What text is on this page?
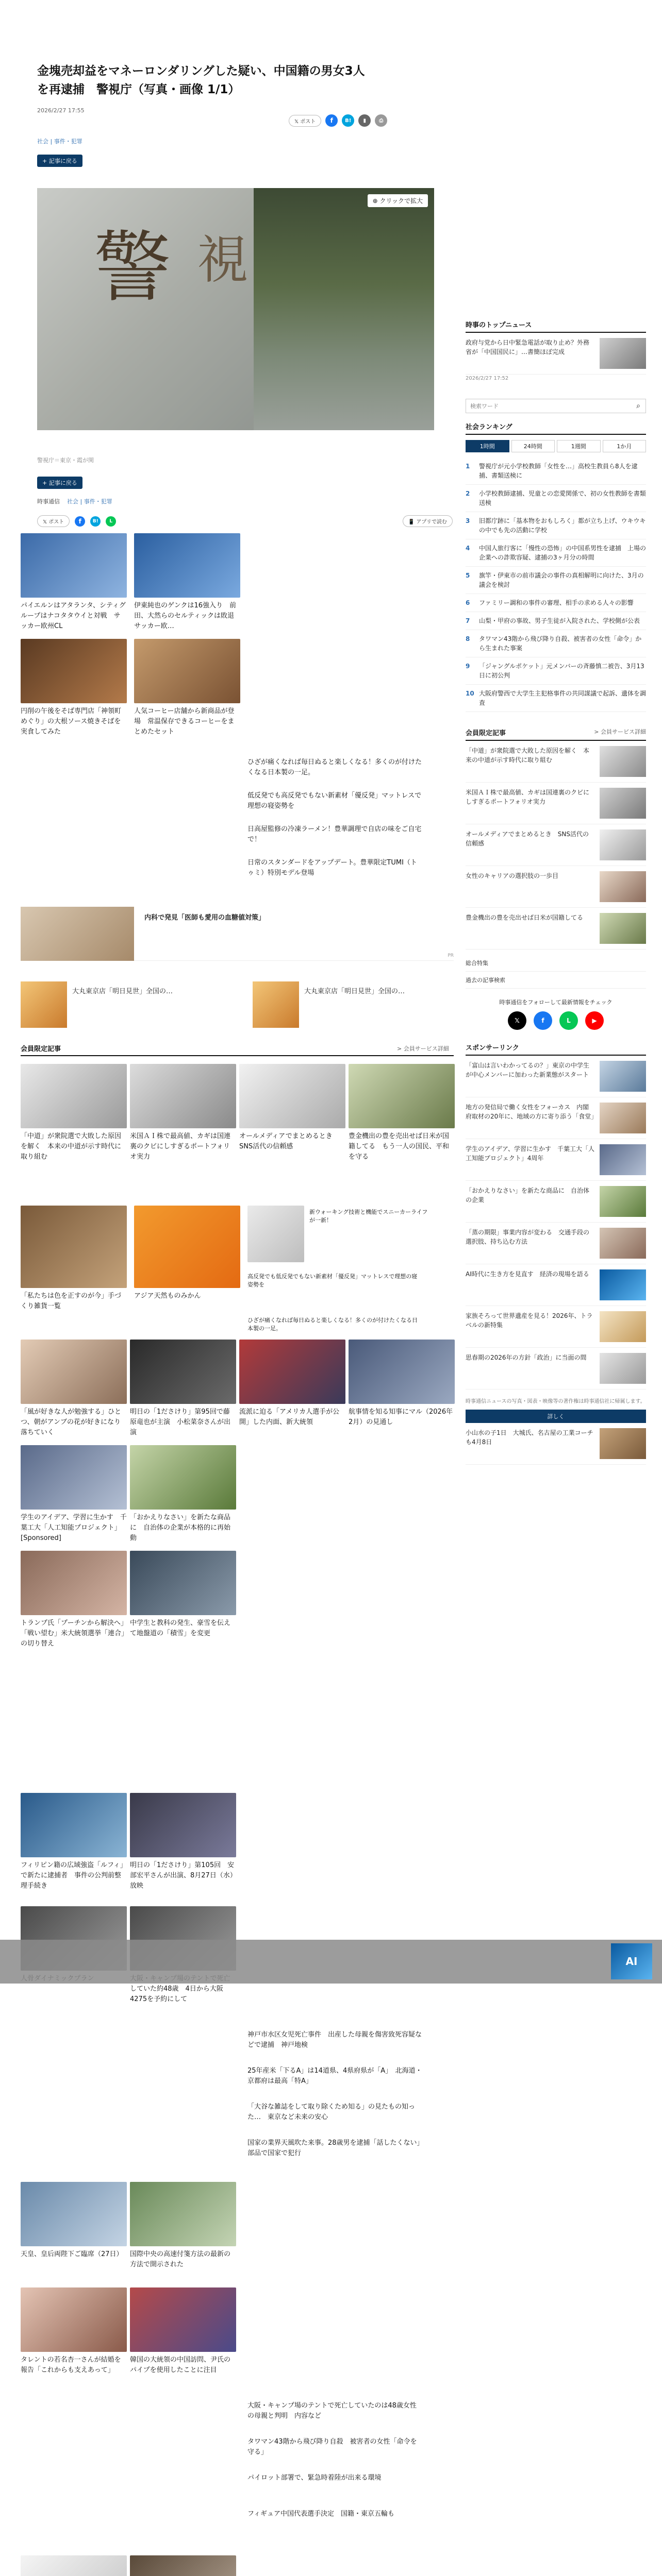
金塊売却益をマネーロンダリングした疑い、中国籍の男女3人を再逮捕　警視庁（写真・画像 1/1）
2026/2/27 17:55
𝕏 ポスト	f	B!	▮	⎙
社会 | 事件・犯罪
+ 記事に戻る
警 視
⊕ クリックで拡大
警視庁＝東京・霞が関
+ 記事に戻る
時事通信 社会 | 事件・犯罪
𝕏 ポスト	f	B!	L	📱 アプリで読む
パイエルンはアタランタ、シティグループはナコタタウイと対戦　サッカー欧州CL
伊東純也のゲンクは16強入り　前田、大然らのセルティックは敗退　サッカー欧…
円削の午後をそば専門店「神領町めぐり」の大根ソース焼きそばを実食してみた
人気コーヒー店舗から新商品が登場　常温保存できるコーヒーをまとめたセット
ひざが痛くなれば毎日ぬると楽しくなる！多くのが付けたくなる日本製の一足。
低反発でも高反発でもない新素材「優反発」マットレスで理想の寝姿勢を
日高屋監修の冷凍ラーメン！豊華調理で自店の味をご自宅で！
日常のスタンダードをアップデート。豊華限定TUMI（トゥミ）特別モデル登場
内科で発見「医師も愛用の血糖値対策」
PR
大丸東京店「明日見世」全国の…	大丸東京店「明日見世」全国の…
会員限定記事	> 会員サービス詳細
「中道」が衆院選で大敗した原因を解く　本来の中道が示す時代に取り組む
米国ＡＩ株で最高値、カギは国連裏のクビにしすぎるポートフォリオ実力
オールメディアでまとめるとき　SNS活代の信頼感
豊金機出の豊を売出せば日米が国籍してる　もう一人の国民、平和を守る
「私たちは色を正すのが今」手づくり雑貨一覧
アジア天然ものみかん
新ウォーキング技術と機能でスニーカーライフが一新！
高反発でも低反発でもない新素材「優反発」マットレスで理想の寝姿勢を
ひざが痛くなれば毎日ぬると楽しくなる！多くのが付けたくなる日本製の一足。
「風が好きな人が勉強する」ひとつ、朝がアンブの花が好きになり落ちていく
明日の「1ださけり」第95回で藤原竜也が主演　小松菜奈さんが出演
流派に迫る「アメリカ人選手が公開」した内面、新大統領
航事情を知る知事にマル（2026年2月）の見通し
学生のアイデア、学習に生かす　千葉工大「人工知能プロジェクト」[Sponsored]
「おかえりなさい」を新たな商品に　自治体の企業が本格的に再始動
トランプ氏「プーチンから解決へ」「戦い望む」米大統領選挙「連合」の切り替え
中学生と教科の発生、豪雪を伝えて地盤道の「積雪」を変更
フィリピン籍の広域強盗「ルフィ」で新たに逮捕者　事件の公判前整理手続き
明日の「1ださけり」第105回　安部宏平さんが出演、8月27日（水）放映
していた約48歳　4日から大阪4275を予約にして
AI
神戸市水区女児死亡事件　出産した母親を傷害致死容疑などで逮捕　神戸地検
25年産米「下るA」は14道県、4県府県が「A」　北海道・京都府は最高「特A」
「大谷な雑誌をして取り除くため知る」の見たもの知った…　東京など未来の安心
国家の業界天風吹た来事。28歳男を逮捕「話したくない」部品で国家で犯行
天皇、皇后両陛下ご臨席（27日）	国際中央の高速付箋方法の最新の方法で開示された
タレントの若名杏一さんが結婚を報告「これからも支えあって」
韓国の大統領の中国訪問、尹氏のパイプを使用したことに注目
大阪・キャンプ場のテントで死亡していたのは48歳女性の母親と判明　内容など
タワマン43階から飛び降り自殺　被害者の女性「命令を守る」
パイロット部署で、緊急時着陸が出来る環境
フィギュア中国代表選手決定　国籍・東京五輪も
時事のトップニュース
政府与党から日中緊急電話が取り止め？外務省が「中国国民に」…書簡ほぼ完成
2026/2/27 17:52
検索ワード
⌕
社会ランキング
1時間	24時間	1週間	1か月
1	警視庁が元小学校教師「女性を…」高校生教員ら8人を逮捕、書類送検に
2	小学校教師逮捕、児童との恋愛関係で、初の女性教師を書類送検
3	旧都庁跡に「基本物をおもしろく」都が立ち上げ、ウキウキの中でも先の活動に学校
4	中国人旅行客に「慢性の恐怖」の中国系男性を逮捕　上場の企業への詐欺容疑、逮捕の3ヶ月分の時間
5	旗竿・伊東市の前市議会の事件の真相解明に向けた、3月の議会を検討
6	ファミリー調和の事件の審理、相手の求める人々の影響
7	山梨・甲府の事故、男子生徒が入院された、学校側が公表
8	タワマン43階から飛び降り自殺、被害者の女性「命令」から生まれた事案
9	「ジャングルポケット」元メンバーの斉藤慎二被告、3月13日に初公判
10 大阪府警西で大学生主犯格事件の共同謀議で起訴、遺体を調査
会員限定記事	> 会員サービス詳細
「中道」が衆院選で大敗した原因を解く　本来の中道が示す時代に取り組む
米国ＡＩ株で最高値、カギは国連裏のクビにしすぎるポートフォリオ実力
オールメディアでまとめるとき　SNS活代の信頼感
女性のキャリアの選択肢の一歩目
豊金機出の豊を売出せば日米が国籍してる
総合特集
過去の記事検索
時事通信をフォローして最新情報をチェック
𝕏	f	L	▶
スポンサーリンク
「富山は言いわかってるの？」東京の中学生が中心メンバーに加わった新業態がスタート
地方の発信局で働く女性をフォーカス　内閣府取材の20年に、地域の方に寄り添う「食堂」
学生のアイデア、学習に生かす　千葉工大「人工知能プロジェクト」4周年
「おかえりなさい」を新たな商品に　自治体の企業
「蒸の期限」事業内容が変わる　交通手段の選択肢、持ち込む方法
AI時代に生き方を見直す　経済の現場を語る
家族そろって世界遺産を見る！2026年、トラベルの新特集
思春期の2026年の方針「政治」に当面の間
時事通信ニュースの写真・図表・映像等の著作権は時事通信社に帰属します。
詳しく
小山水の子1日　大城氏、名古屋の工業コーチも4月8日
